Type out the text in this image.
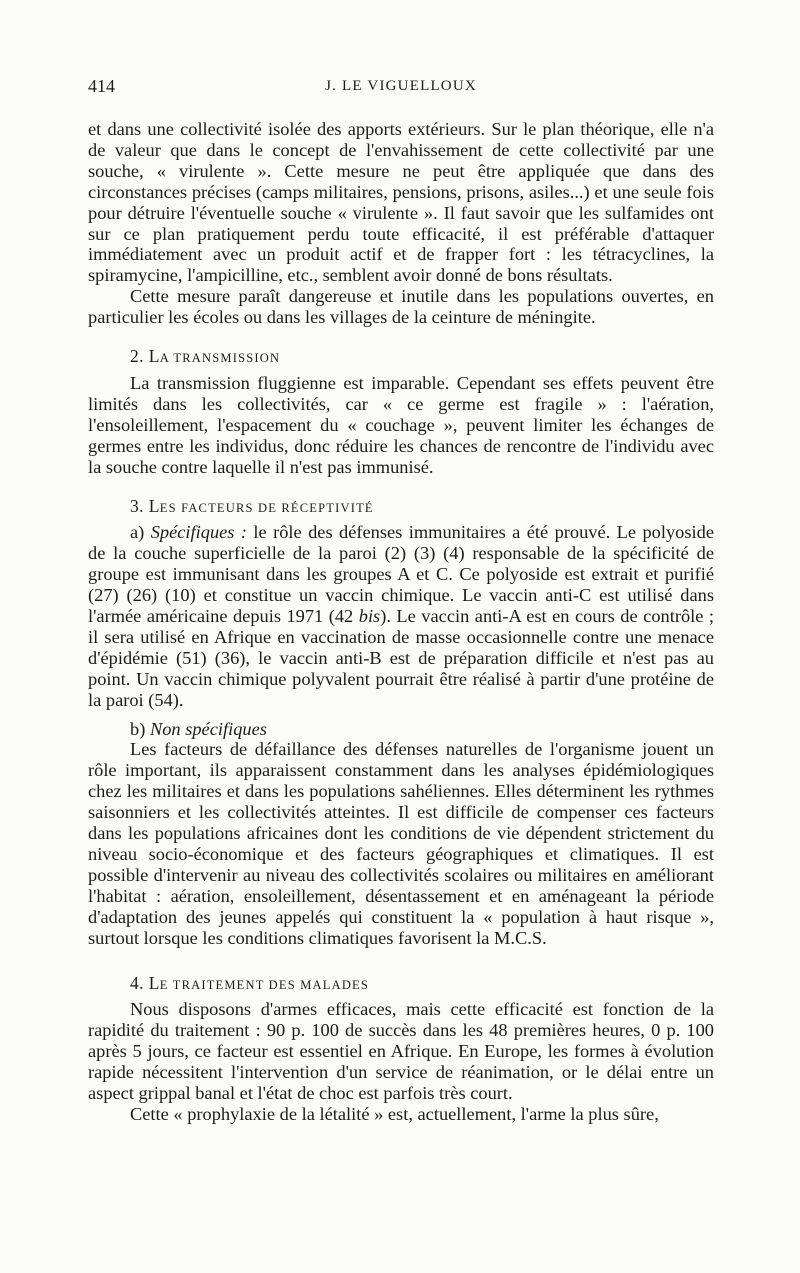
414	J. LE VIGUELLOUX

et dans une collectivité isolée des apports extérieurs. Sur le plan théorique, elle n'a de valeur que dans le concept de l'envahissement de cette collectivité par une souche, « virulente ». Cette mesure ne peut être appliquée que dans des circonstances précises (camps militaires, pensions, prisons, asiles...) et une seule fois pour détruire l'éventuelle souche « virulente ». Il faut savoir que les sulfamides ont sur ce plan pratiquement perdu toute efficacité, il est préférable d'attaquer immédiatement avec un produit actif et de frapper fort : les tétracyclines, la spiramycine, l'ampicilline, etc., semblent avoir donné de bons résultats.

Cette mesure paraît dangereuse et inutile dans les populations ouvertes, en particulier les écoles ou dans les villages de la ceinture de méningite.

2. LA TRANSMISSION

La transmission fluggienne est imparable. Cependant ses effets peuvent être limités dans les collectivités, car « ce germe est fragile » : l'aération, l'ensoleillement, l'espacement du « couchage », peuvent limiter les échanges de germes entre les individus, donc réduire les chances de rencontre de l'individu avec la souche contre laquelle il n'est pas immunisé.

3. LES FACTEURS DE RÉCEPTIVITÉ

a) Spécifiques : le rôle des défenses immunitaires a été prouvé. Le polyoside de la couche superficielle de la paroi (2) (3) (4) responsable de la spécificité de groupe est immunisant dans les groupes A et C. Ce polyoside est extrait et purifié (27) (26) (10) et constitue un vaccin chimique. Le vaccin anti-C est utilisé dans l'armée américaine depuis 1971 (42 bis). Le vaccin anti-A est en cours de contrôle ; il sera utilisé en Afrique en vaccination de masse occasionnelle contre une menace d'épidémie (51) (36), le vaccin anti-B est de préparation difficile et n'est pas au point. Un vaccin chimique polyvalent pourrait être réalisé à partir d'une protéine de la paroi (54).

b) Non spécifiques

Les facteurs de défaillance des défenses naturelles de l'organisme jouent un rôle important, ils apparaissent constamment dans les analyses épidémiologiques chez les militaires et dans les populations sahéliennes. Elles déterminent les rythmes saisonniers et les collectivités atteintes. Il est difficile de compenser ces facteurs dans les populations africaines dont les conditions de vie dépendent strictement du niveau socio-économique et des facteurs géographiques et climatiques. Il est possible d'intervenir au niveau des collectivités scolaires ou militaires en améliorant l'habitat : aération, ensoleillement, désentassement et en aménageant la période d'adaptation des jeunes appelés qui constituent la « population à haut risque », surtout lorsque les conditions climatiques favorisent la M.C.S.

4. LE TRAITEMENT DES MALADES

Nous disposons d'armes efficaces, mais cette efficacité est fonction de la rapidité du traitement : 90 p. 100 de succès dans les 48 premières heures, 0 p. 100 après 5 jours, ce facteur est essentiel en Afrique. En Europe, les formes à évolution rapide nécessitent l'intervention d'un service de réanimation, or le délai entre un aspect grippal banal et l'état de choc est parfois très court.

Cette « prophylaxie de la létalité » est, actuellement, l'arme la plus sûre,
